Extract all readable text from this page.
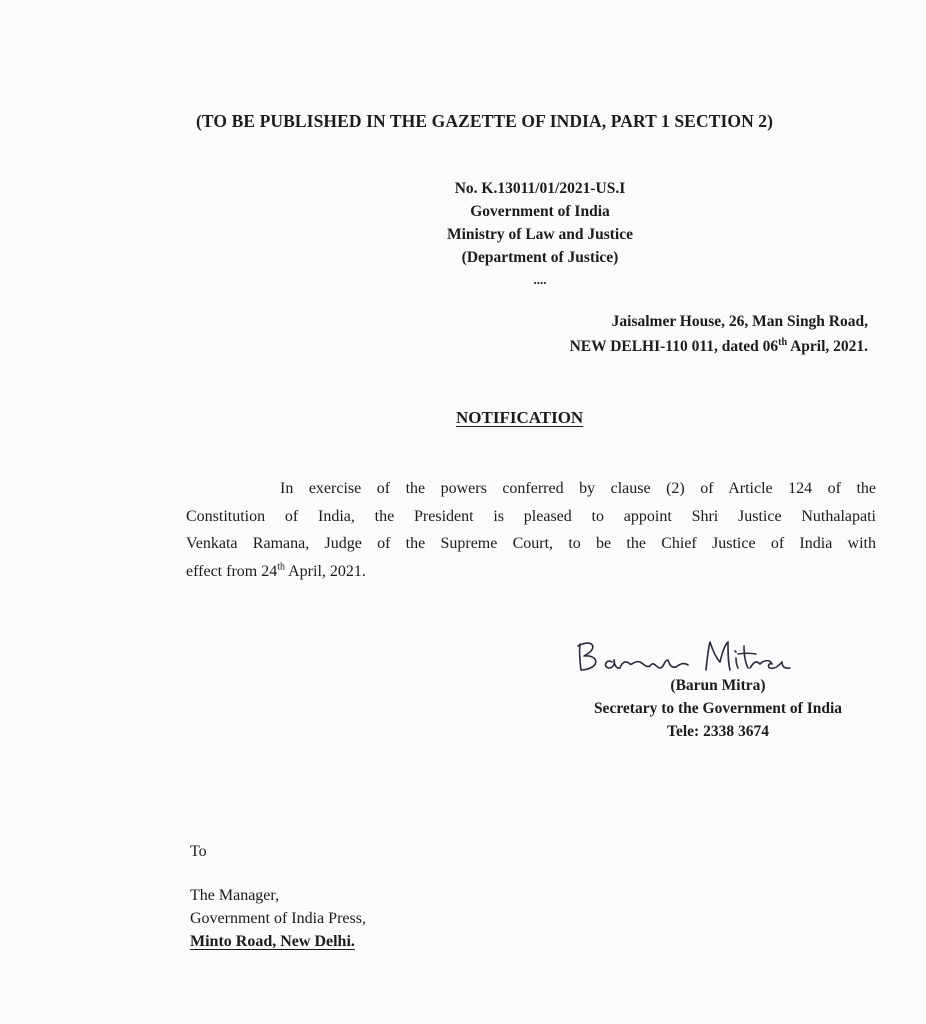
(TO BE PUBLISHED IN THE GAZETTE OF INDIA, PART 1 SECTION 2)
No. K.13011/01/2021-US.I
Government of India
Ministry of Law and Justice
(Department of Justice)
....
Jaisalmer House, 26, Man Singh Road,
NEW DELHI-110 011, dated 06th April, 2021.
NOTIFICATION
In exercise of the powers conferred by clause (2) of Article 124 of the
Constitution of India, the President is pleased to appoint Shri Justice Nuthalapati
Venkata Ramana, Judge of the Supreme Court, to be the Chief Justice of India with
effect from 24th April, 2021.
(Barun Mitra)
Secretary to the Government of India
Tele: 2338 3674
To
The Manager,
Government of India Press,
Minto Road, New Delhi.
